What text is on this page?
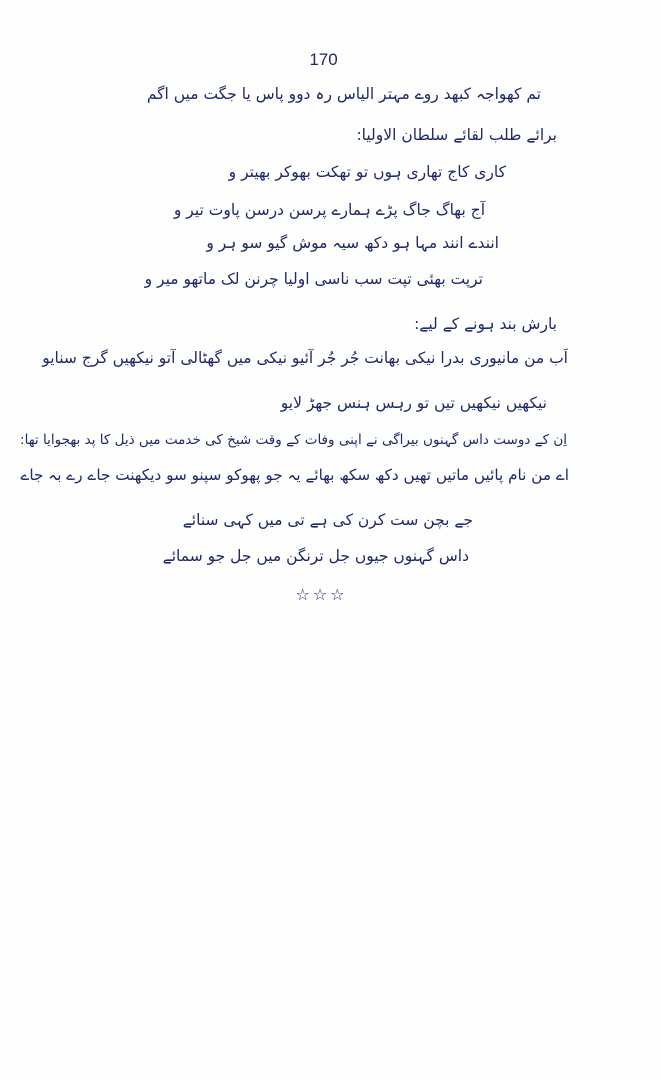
170
تم کھواجہ کبھد روے مہتر الیاس رہ دوو پاس یا جگت میں اگم
برائے طلب لقائے سلطان الاولیا:
کاری کاج تھاری ہوں تو تھکت بھوکر بھیتر و
آج بھاگ جاگ پڑے ہمارے پرسن درسن پاوت تیر و
انندے انند مہا ہو دکھ سیہ موش گیو سو ہر و
ترپت بھئی تپت سب ناسی اولیا چرنن لک ماتھو میر و
بارش بند ہونے کے لیے:
اَب من مانیوری بدرا نیکی بھانت جُر جُر آئیو نیکی میں گھٹالی آتو نیکھیں گرج سنایو
نیکھیں نیکھیں تیں تو رہس ہنس جھڑ لایو
اِن کے دوست داس گہنوں بیراگی نے اپنی وفات کے وقت شیخ کی خدمت میں ذیل کا پد بھجوایا تھا:
اے من نام پائیں ماتیں تھیں دکھ سکھ بھائے یہ جو پھوکو سپنو سو دیکھنت جاے رے بہ جاے
جے بچن ست کرن کی ہے تی میں کہی سنائے
داس گہنوں جیوں جل ترنگن میں جل جو سمائے
☆☆☆
